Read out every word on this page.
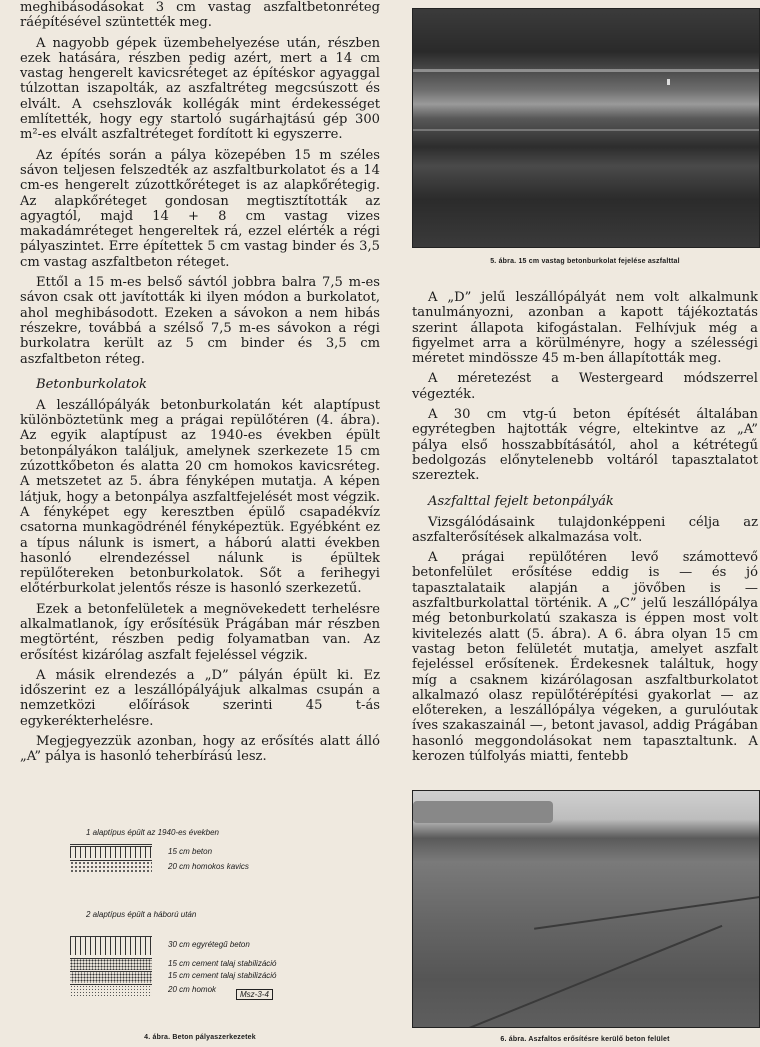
meghibásodásokat 3 cm vastag aszfaltbetonréteg ráépítésével szüntették meg.

A nagyobb gépek üzembehelyezése után, részben ezek hatására, részben pedig azért, mert a 14 cm vastag hengerelt kavicsréteget az építéskor agyaggal túlzottan iszapolták, az aszfaltréteg megcsúszott és elvált. A csehszlovák kollégák mint érdekességet említették, hogy egy startoló sugárhajtású gép 300 m²-es elvált aszfaltréteget fordított ki egyszerre.

Az építés során a pálya közepében 15 m széles sávon teljesen felszedték az aszfaltburkolatot és a 14 cm-es hengerelt zúzottkőréteget is az alapkőrétegig. Az alapkőréteget gondosan megtisztították az agyagtól, majd 14 + 8 cm vastag vizes makadámréteget hengereltek rá, ezzel elérték a régi pályaszintet. Erre építettek 5 cm vastag binder és 3,5 cm vastag aszfaltbeton réteget.

Ettől a 15 m-es belső sávtól jobbra balra 7,5 m-es sávon csak ott javították ki ilyen módon a burkolatot, ahol meghibásodott. Ezeken a sávokon a nem hibás részekre, továbbá a szélső 7,5 m-es sávokon a régi burkolatra került az 5 cm binder és 3,5 cm aszfaltbeton réteg.

Betonburkolatok

A leszállópályák betonburkolatán két alaptípust különböztetünk meg a prágai repülőtéren (4. ábra). Az egyik alaptípust az 1940-es években épült betonpályákon találjuk, amelynek szerkezete 15 cm zúzottkőbeton és alatta 20 cm homokos kavicsréteg. A metszetet az 5. ábra fényképen mutatja. A képen látjuk, hogy a betonpálya aszfaltfejelését most végzik. A fényképet egy keresztben épülő csapadékvíz csatorna munkagödrénél fényképeztük. Egyébként ez a típus nálunk is ismert, a háború alatti években hasonló elrendezéssel nálunk is épültek repülőtereken betonburkolatok. Sőt a ferihegyi előtérburkolat jelentős része is hasonló szerkezetű.

Ezek a betonfelületek a megnövekedett terhelésre alkalmatlanok, így erősítésük Prágában már részben megtörtént, részben pedig folyamatban van. Az erősítést kizárólag aszfalt fejeléssel végzik.

A másik elrendezés a „D” pályán épült ki. Ez időszerint ez a leszállópályájuk alkalmas csupán a nemzetközi előírások szerinti 45 t-ás egykerékterhelésre.

Megjegyezzük azonban, hogy az erősítés alatt álló „A” pálya is hasonló teherbírású lesz.

1 alaptípus épült az 1940-es években
15 cm beton
20 cm homokos kavics
2 alaptípus épült a háború után
30 cm egyrétegű beton
15 cm cement talaj stabilizáció
15 cm cement talaj stabilizáció
20 cm homok
Msz-3-4

4. ábra. Beton pályaszerkezetek

5. ábra. 15 cm vastag betonburkolat fejelése aszfalttal

A „D” jelű leszállópályát nem volt alkalmunk tanulmányozni, azonban a kapott tájékoztatás szerint állapota kifogástalan. Felhívjuk még a figyelmet arra a körülményre, hogy a szélességi méretet mindössze 45 m-ben állapították meg.

A méretezést a Westergeard módszerrel végezték.

A 30 cm vtg-ú beton építését általában egyrétegben hajtották végre, eltekintve az „A” pálya első hosszabbításától, ahol a kétrétegű bedolgozás előnytelenebb voltáról tapasztalatot szereztek.

Aszfalttal fejelt betonpályák

Vizsgálódásaink tulajdonképpeni célja az aszfalterősítések alkalmazása volt.

A prágai repülőtéren levő számottevő betonfelület erősítése eddig is — és jó tapasztalataik alapján a jövőben is — aszfaltburkolattal történik. A „C” jelű leszállópálya még betonburkolatú szakasza is éppen most volt kivitelezés alatt (5. ábra). A 6. ábra olyan 15 cm vastag beton felületét mutatja, amelyet aszfalt fejeléssel erősítenek. Érdekesnek találtuk, hogy míg a csaknem kizárólagosan aszfaltburkolatot alkalmazó olasz repülőtérépítési gyakorlat — az előtereken, a leszállópálya végeken, a gurulóutak íves szakaszainál —, betont javasol, addig Prágában hasonló meggondolásokat nem tapasztaltunk. A kerozen túlfolyás miatti, fentebb

6. ábra. Aszfaltos erősítésre kerülő beton felület
